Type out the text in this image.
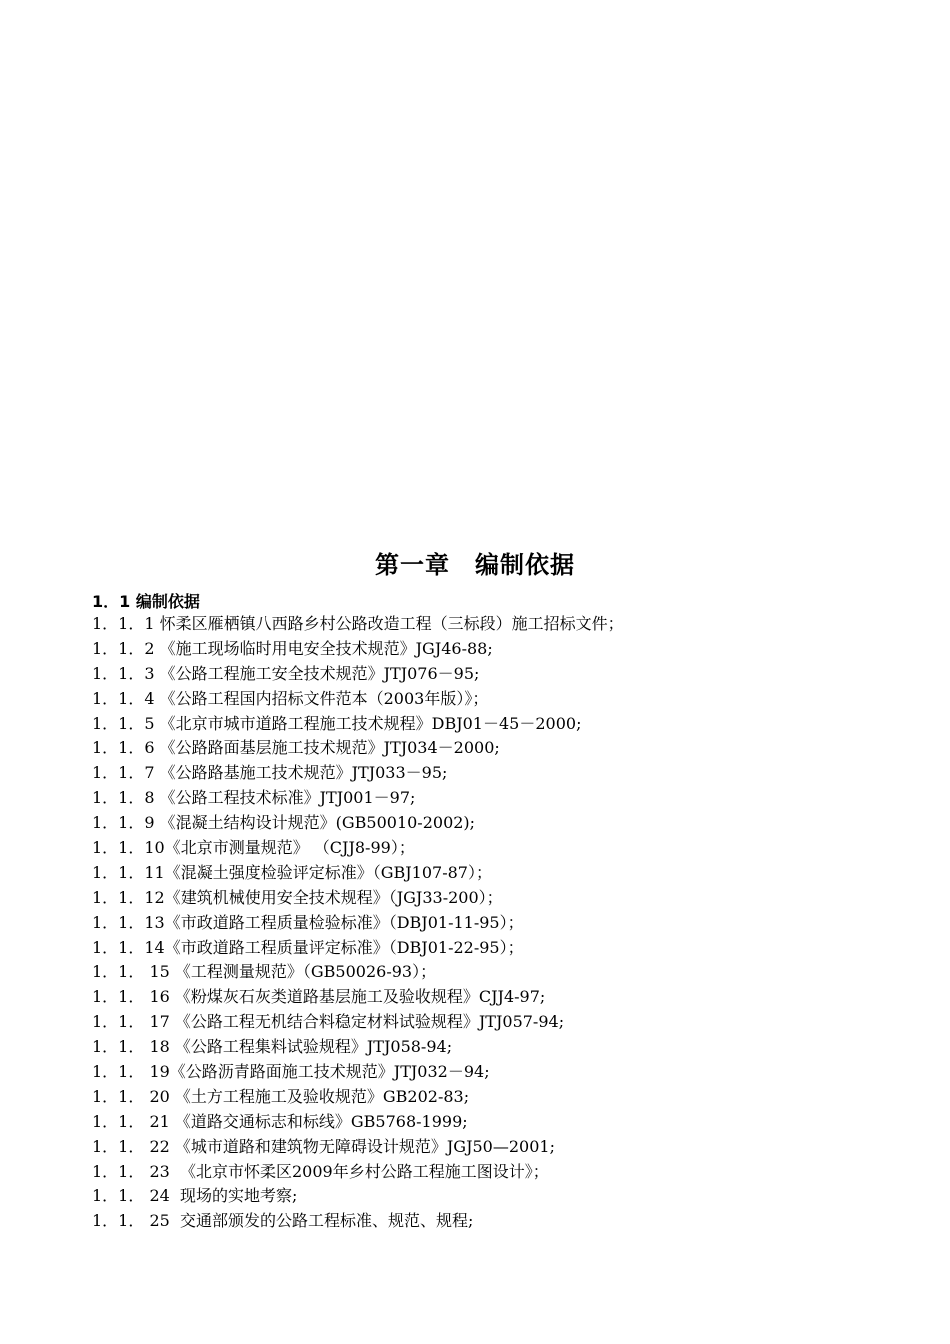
第一章　编制依据
1．1 编制依据
1．1．1 怀柔区雁栖镇八西路乡村公路改造工程（三标段）施工招标文件；
1．1．2 《施工现场临时用电安全技术规范》JGJ46-88;
1．1．3 《公路工程施工安全技术规范》JTJ076－95;
1．1．4 《公路工程国内招标文件范本（2003年版）》；
1．1．5 《北京市城市道路工程施工技术规程》DBJ01－45－2000;
1．1．6 《公路路面基层施工技术规范》JTJ034－2000;
1．1．7 《公路路基施工技术规范》JTJ033－95;
1．1．8 《公路工程技术标准》JTJ001－97;
1．1．9 《混凝土结构设计规范》(GB50010-2002);
1．1．10《北京市测量规范》 （CJJ8-99）；
1．1．11《混凝土强度检验评定标准》（GBJ107-87）；
1．1．12《建筑机械使用安全技术规程》（JGJ33-200）；
1．1．13《市政道路工程质量检验标准》（DBJ01-11-95）；
1．1．14《市政道路工程质量评定标准》（DBJ01-22-95）；
1．1． 15 《工程测量规范》（GB50026-93）；
1．1． 16 《粉煤灰石灰类道路基层施工及验收规程》CJJ4-97;
1．1． 17 《公路工程无机结合料稳定材料试验规程》JTJ057-94;
1．1． 18 《公路工程集料试验规程》JTJ058-94;
1．1． 19《公路沥青路面施工技术规范》JTJ032－94;
1．1． 20 《土方工程施工及验收规范》GB202-83;
1．1． 21 《道路交通标志和标线》GB5768-1999;
1．1． 22 《城市道路和建筑物无障碍设计规范》JGJ50—2001;
1．1． 23  《北京市怀柔区2009年乡村公路工程施工图设计》；
1．1． 24  现场的实地考察;
1．1． 25  交通部颁发的公路工程标准、规范、规程;
